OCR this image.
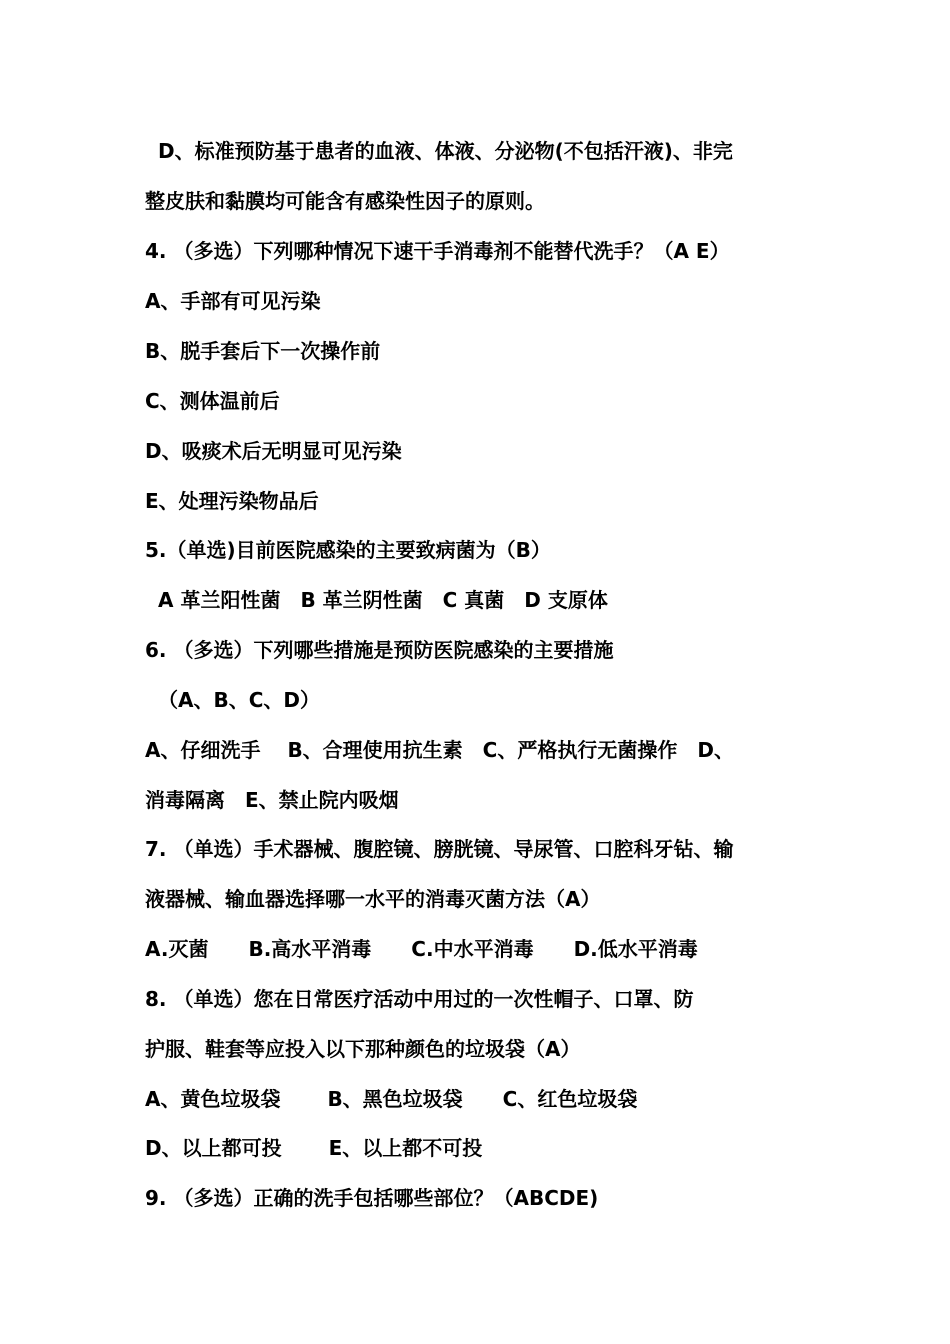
D、标准预防基于患者的血液、体液、分泌物(不包括汗液)、非完
整皮肤和黏膜均可能含有感染性因子的原则。
4. （多选）下列哪种情况下速干手消毒剂不能替代洗手？（A E）
A、手部有可见污染
B、脱手套后下一次操作前
C、测体温前后
D、吸痰术后无明显可见污染
E、处理污染物品后
5.（单选)目前医院感染的主要致病菌为（B）
A 革兰阳性菌　B 革兰阴性菌　C 真菌　D 支原体
6. （多选）下列哪些措施是预防医院感染的主要措施
（A、B、C、D）
A、仔细洗手　 B、合理使用抗生素　C、严格执行无菌操作　D、
消毒隔离　E、禁止院内吸烟
7. （单选）手术器械、腹腔镜、膀胱镜、导尿管、口腔科牙钻、输
液器械、输血器选择哪一水平的消毒灭菌方法（A）
A.灭菌　　B.高水平消毒　　C.中水平消毒　　D.低水平消毒
8. （单选）您在日常医疗活动中用过的一次性帽子、口罩、防
护服、鞋套等应投入以下那种颜色的垃圾袋（A）
A、黄色垃圾袋　　 B、黑色垃圾袋　　C、红色垃圾袋
D、以上都可投　　 E、以上都不可投
9. （多选）正确的洗手包括哪些部位？（ABCDE)
